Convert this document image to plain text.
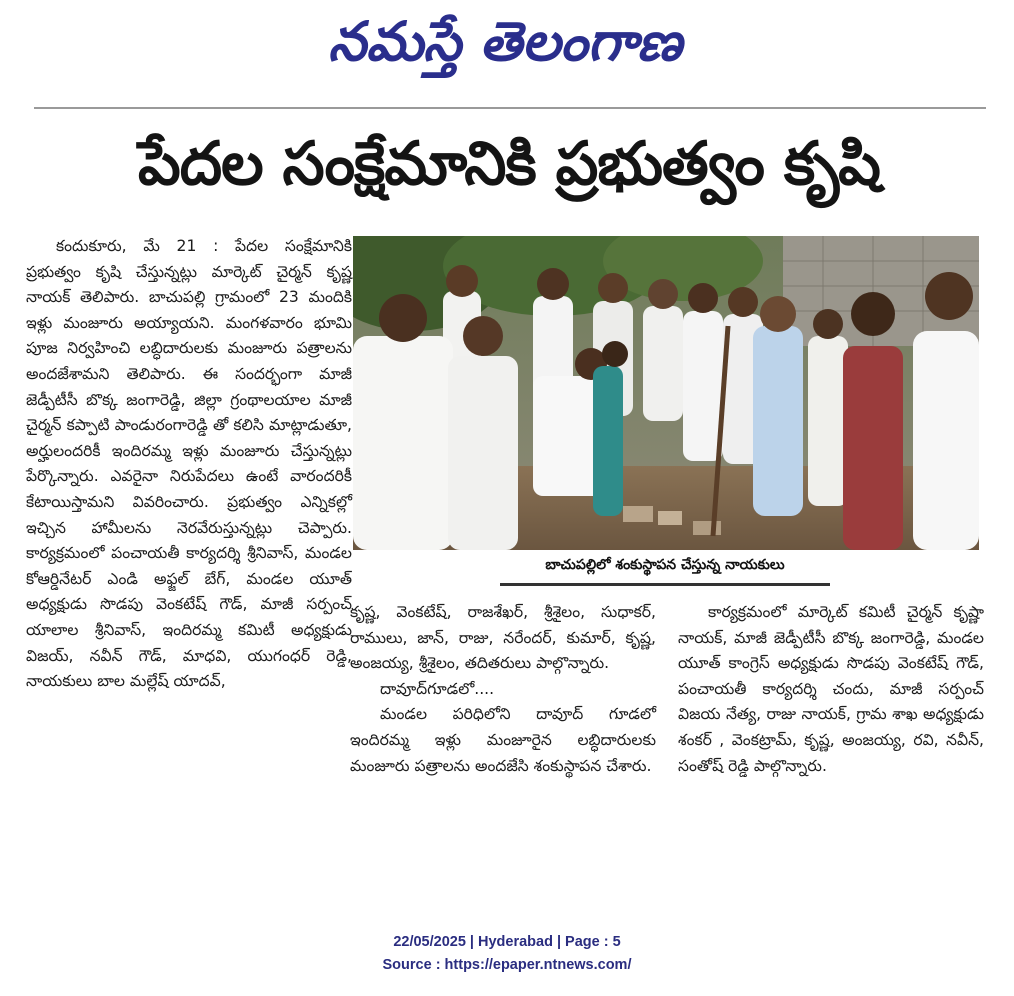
నమస్తే తెలంగాణ
పేదల సంక్షేమానికి ప్రభుత్వం కృషి

కందుకూరు, మే 21 : పేదల సంక్షేమానికి ప్రభుత్వం కృషి చేస్తున్నట్లు మార్కెట్ చైర్మన్ కృష్ణ నాయక్ తెలిపారు. బాచుపల్లి గ్రామంలో 23 మందికి ఇళ్లు మంజూరు అయ్యాయని. మంగళవారం భూమి పూజ నిర్వహించి లబ్ధిదారులకు మంజూరు పత్రాలను అందజేశామని తెలిపారు. ఈ సందర్భంగా మాజీ జెడ్పీటీసీ బొక్క జంగారెడ్డి, జిల్లా గ్రంథాలయాల మాజీ చైర్మన్ కప్పాటి పాండురంగారెడ్డి తో కలిసి మాట్లాడుతూ, అర్హులందరికీ ఇందిరమ్మ ఇళ్లు మంజూరు చేస్తున్నట్లు పేర్కొన్నారు. ఎవరైనా నిరుపేదలు ఉంటే వారందరికీ కేటాయిస్తామని వివరించారు. ప్రభుత్వం ఎన్నికల్లో ఇచ్చిన హామీలను నెరవేరుస్తున్నట్లు చెప్పారు. కార్యక్రమంలో పంచాయతీ కార్యదర్శి శ్రీనివాస్, మండల కోఆర్డినేటర్ ఎండి అఫ్జల్ బేగ్, మండల యూత్ అధ్యక్షుడు సొడపు వెంకటేష్ గౌడ్, మాజీ సర్పంచ్ యాలాల శ్రీనివాస్, ఇందిరమ్మ కమిటీ అధ్యక్షుడు విజయ్, నవీన్ గౌడ్, మాధవి, యుగంధర్ రెడ్డి, నాయకులు బాల మల్లేష్ యాదవ్,

బాచుపల్లిలో శంకుస్థాపన చేస్తున్న నాయకులు

కృష్ణ, వెంకటేష్, రాజశేఖర్, శ్రీశైలం, సుధాకర్, రాములు, జాన్, రాజు, నరేందర్, కుమార్, కృష్ణ, అంజయ్య, శ్రీశైలం, తదితరులు పాల్గొన్నారు.

దావూద్‌గూడలో....

మండల పరిధిలోని దావూద్ గూడలో ఇందిరమ్మ ఇళ్లు మంజూరైన లబ్ధిదారులకు మంజూరు పత్రాలను అందజేసి శంకుస్థాపన చేశారు.

కార్యక్రమంలో మార్కెట్ కమిటీ చైర్మన్ కృష్ణా నాయక్, మాజీ జెడ్పీటీసీ బొక్క జంగారెడ్డి, మండల యూత్ కాంగ్రెస్ అధ్యక్షుడు సొడపు వెంకటేష్ గౌడ్, పంచాయతీ కార్యదర్శి చందు, మాజీ సర్పంచ్ విజయ నేత్య, రాజు నాయక్, గ్రామ శాఖ అధ్యక్షుడు శంకర్ , వెంకట్రామ్, కృష్ణ, అంజయ్య, రవి, నవీన్, సంతోష్ రెడ్డి పాల్గొన్నారు.

22/05/2025 | Hyderabad | Page : 5
Source : https://epaper.ntnews.com/
